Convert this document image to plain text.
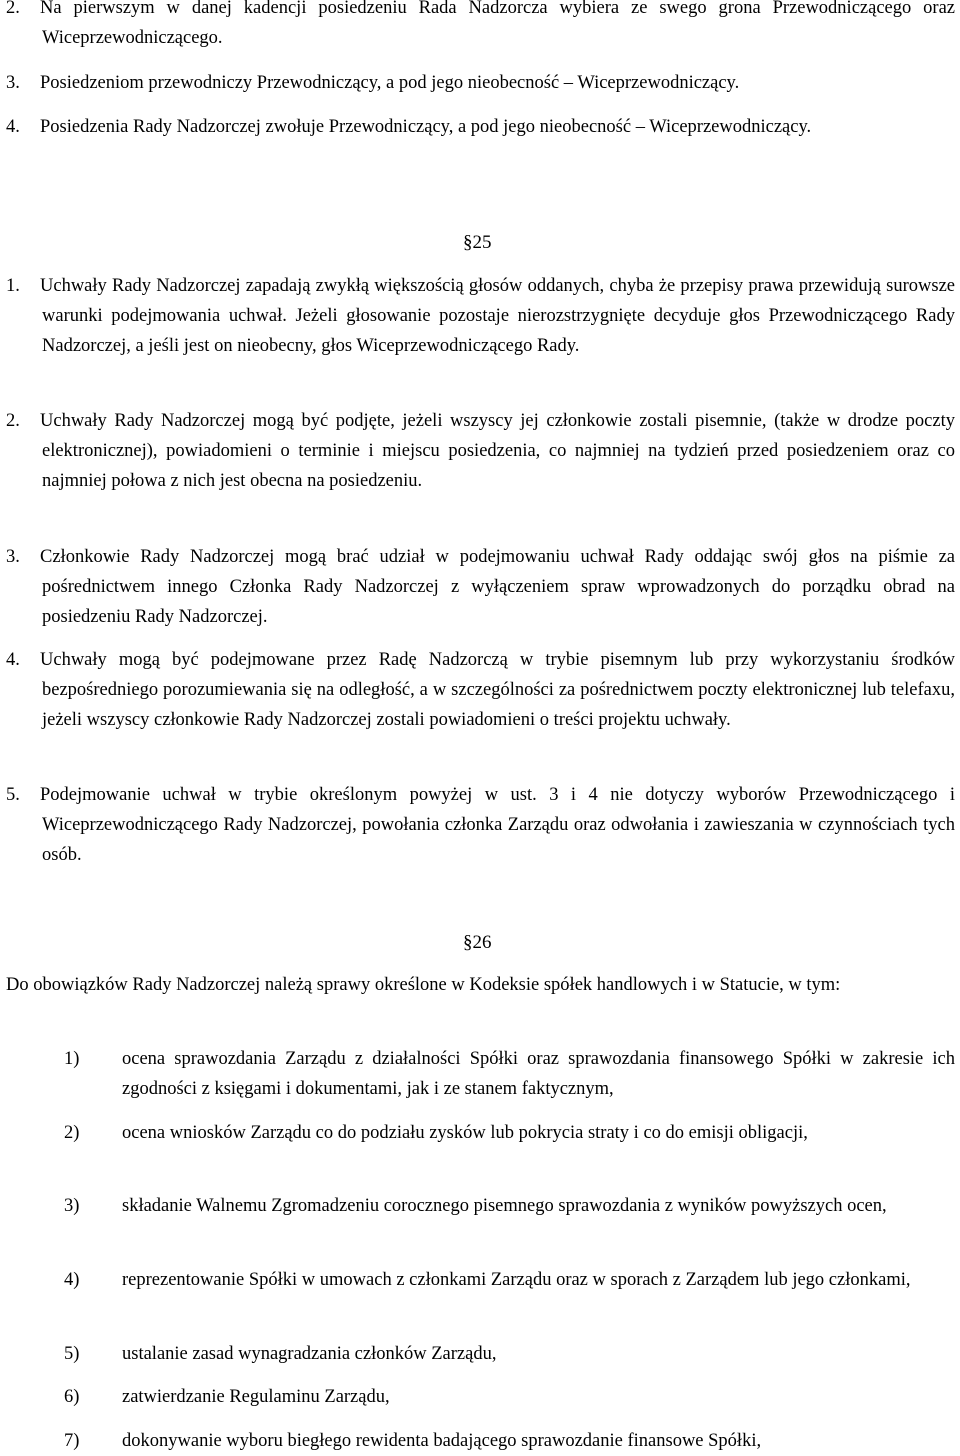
2. Na pierwszym w danej kadencji posiedzeniu Rada Nadzorcza wybiera ze swego grona Przewodniczącego oraz Wiceprzewodniczącego.
3. Posiedzeniom przewodniczy Przewodniczący, a pod jego nieobecność – Wiceprzewodniczący.
4. Posiedzenia Rady Nadzorczej zwołuje Przewodniczący, a pod jego nieobecność – Wiceprzewodniczący.
§25
1. Uchwały Rady Nadzorczej zapadają zwykłą większością głosów oddanych, chyba że przepisy prawa przewidują surowsze warunki podejmowania uchwał. Jeżeli głosowanie pozostaje nierozstrzygnięte decyduje głos Przewodniczącego Rady Nadzorczej, a jeśli jest on nieobecny, głos Wiceprzewodniczącego Rady.
2. Uchwały Rady Nadzorczej mogą być podjęte, jeżeli wszyscy jej członkowie zostali pisemnie, (także w drodze poczty elektronicznej), powiadomieni o terminie i miejscu posiedzenia, co najmniej na tydzień przed posiedzeniem oraz co najmniej połowa z nich jest obecna na posiedzeniu.
3. Członkowie Rady Nadzorczej mogą brać udział w podejmowaniu uchwał Rady oddając swój głos na piśmie za pośrednictwem innego Członka Rady Nadzorczej z wyłączeniem spraw wprowadzonych do porządku obrad na posiedzeniu Rady Nadzorczej.
4. Uchwały mogą być podejmowane przez Radę Nadzorczą w trybie pisemnym lub przy wykorzystaniu środków bezpośredniego porozumiewania się na odległość, a w szczególności za pośrednictwem poczty elektronicznej lub telefaxu, jeżeli wszyscy członkowie Rady Nadzorczej zostali powiadomieni o treści projektu uchwały.
5. Podejmowanie uchwał w trybie określonym powyżej w ust. 3 i 4 nie dotyczy wyborów Przewodniczącego i Wiceprzewodniczącego Rady Nadzorczej, powołania członka Zarządu oraz odwołania i zawieszania w czynnościach tych osób.
§26
Do obowiązków Rady Nadzorczej należą sprawy określone w Kodeksie spółek handlowych i w Statucie, w tym:
1)	ocena sprawozdania Zarządu z działalności Spółki oraz sprawozdania finansowego Spółki w zakresie ich zgodności z księgami i dokumentami, jak i ze stanem faktycznym,
2)	ocena wniosków Zarządu co do podziału zysków lub pokrycia straty i co do emisji obligacji,
3)	składanie Walnemu Zgromadzeniu corocznego pisemnego sprawozdania z wyników powyższych ocen,
4)	reprezentowanie Spółki w umowach z członkami Zarządu oraz w sporach z Zarządem lub jego członkami,
5)	ustalanie zasad wynagradzania członków Zarządu,
6)	zatwierdzanie Regulaminu Zarządu,
7)	dokonywanie wyboru biegłego rewidenta badającego sprawozdanie finansowe Spółki,
